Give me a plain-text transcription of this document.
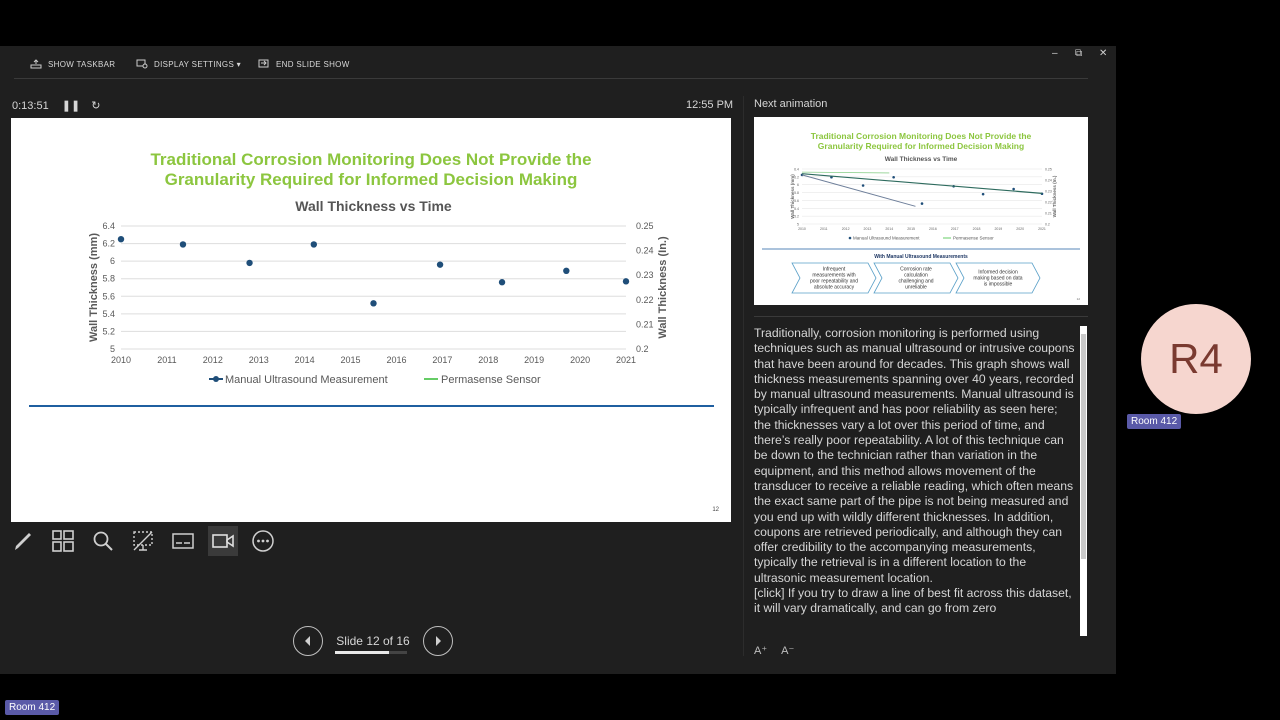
SHOW TASKBAR	DISPLAY SETTINGS ▾	END SLIDE SHOW
– ⧉ ✕
0:13:51 ❚❚ ↻	12:55 PM Next animation
Traditional Corrosion Monitoring Does Not Provide the
Granularity Required for Informed Decision Making
Wall Thickness vs Time
6.4
6.2
6
5.8
5.6
5.4
5.2
5
0.25
0.24
0.23
0.22
0.21
0.2
2010	2011	2012	2013	2014	2015	2016	2017	2018	2019	2020	2021
Wall Thickness (mm)	Wall Thickness (In.)
Manual Ultrasound Measurement	Permasense Sensor
12
Slide 12 of 16
Traditional Corrosion Monitoring Does Not Provide the
Granularity Required for Informed Decision Making
Wall Thickness vs Time
6.4
6.2
6
5.8
5.6
5.4
5.2
5
0.25
0.24
0.23
0.22
0.21
0.2
2010	2011	2012	2013	2014	2015	2016	2017	2018	2019	2020	2021
Wall Thickness (mm)	Wall Thickness (In.)
Manual Ultrasound Measurement	Permasense Sensor
With Manual Ultrasound Measurements
Infrequent
measurements with
poor repeatability and
absolute accuracy
Corrosion rate
calculation
challenging and
unreliable
Informed decision
making based on data
is impossible
12

Traditionally, corrosion monitoring is performed using techniques such as manual ultrasound or intrusive coupons that have been around for decades. This graph shows wall thickness measurements spanning over 40 years, recorded by manual ultrasound measurements. Manual ultrasound is typically infrequent and has poor reliability as seen here; the thicknesses vary a lot over this period of time, and there’s really poor repeatability. A lot of this technique can be down to the technician rather than variation in the equipment, and this method allows movement of the transducer to receive a reliable reading, which often means the exact same part of the pipe is not being measured and you end up with wildly different thicknesses. In addition, coupons are retrieved periodically, and although they can offer credibility to the accompanying measurements, typically the retrieval is in a different location to the ultrasonic measurement location.

[click] If you try to draw a line of best fit across this dataset, it will vary dramatically, and can go from zero

A⁺ A⁻
R4
Room 412
Room 412
